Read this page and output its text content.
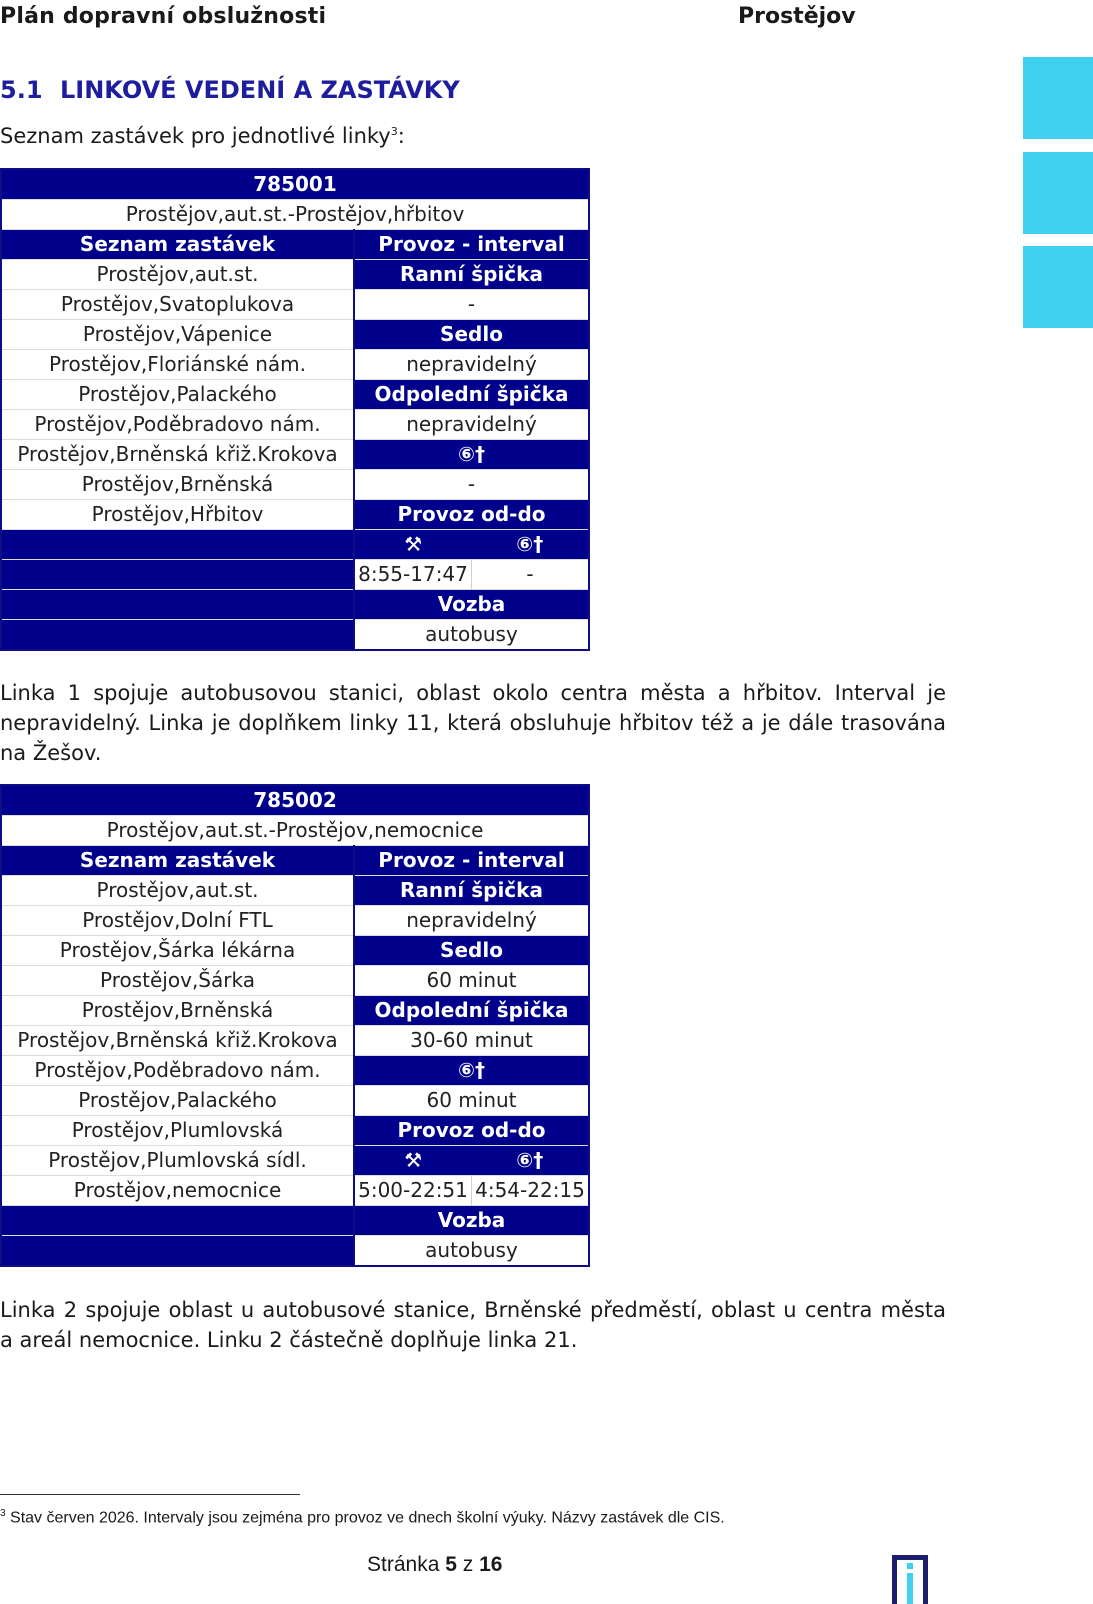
Plán dopravní obslužnosti	Prostějov
5.1 LINKOVÉ VEDENÍ A ZASTÁVKY
Seznam zastávek pro jednotlivé linky$^3$:
785001	
Prostějov,aut.st.-Prostějov,hřbitov	
Seznam zastávek	Provoz - interval
Prostějov,aut.st.	Ranní špička
Prostějov,Svatoplukova	-
Prostějov,Vápenice	Sedlo
Prostějov,Floriánské nám.	nepravidelný
Prostějov,Palackého	Odpolední špička
Prostějov,Poděbradovo nám.	nepravidelný
Prostějov,Brněnská křiž.Krokova	⑥†
Prostějov,Brněnská	-
Prostějov,Hřbitov	Provoz od-do

	⚒ ⑥†

	8:55-17:47 -

	Vozba
	autobusy
Linka 1 spojuje autobusovou stanici, oblast okolo centra města a hřbitov. Interval je nepravidelný. Linka je doplňkem linky 11, která obsluhuje hřbitov též a je dále trasována na Žešov.
785002	
Prostějov,aut.st.-Prostějov,nemocnice	
Seznam zastávek	Provoz - interval
Prostějov,aut.st.	Ranní špička
Prostějov,Dolní FTL	nepravidelný
Prostějov,Šárka lékárna	Sedlo
Prostějov,Šárka	60 minut
Prostějov,Brněnská	Odpolední špička
Prostějov,Brněnská křiž.Krokova	30-60 minut
Prostějov,Poděbradovo nám.	⑥†
Prostějov,Palackého	60 minut
Prostějov,Plumlovská	Provoz od-do
Prostějov,Plumlovská sídl.	⚒ ⑥†

Prostějov,nemocnice	5:00-22:51 4:54-22:15

	Vozba
	autobusy
Linka 2 spojuje oblast u autobusové stanice, Brněnské předměstí, oblast u centra města a areál nemocnice. Linku 2 částečně doplňuje linka 21.
$^3$ Stav červen 2026. Intervaly jsou zejména pro provoz ve dnech školní výuky. Názvy zastávek dle CIS.
Stránka 5 z 16
